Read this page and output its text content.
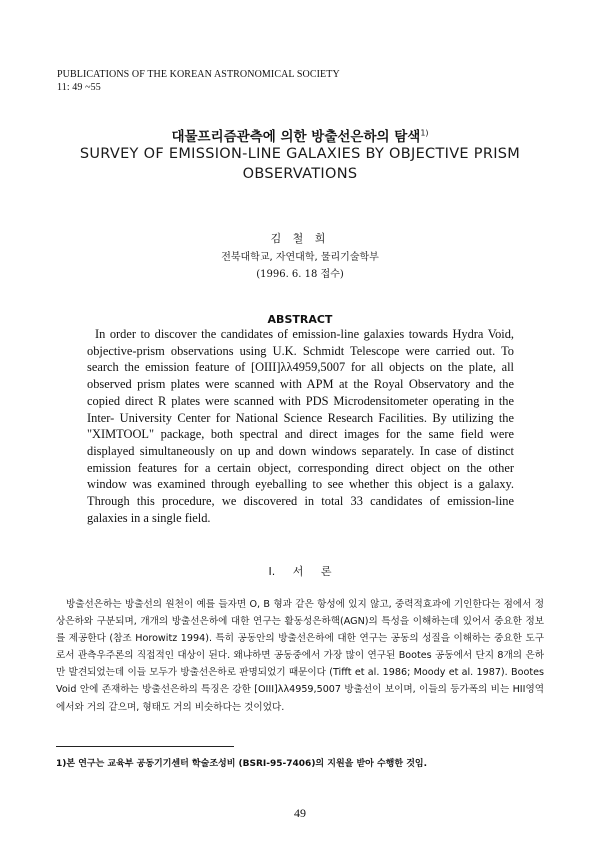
PUBLICATIONS OF THE KOREAN ASTRONOMICAL SOCIETY
11: 49 ~55
대물프리즘관측에 의한 방출선은하의 탐색$^{1)}$
SURVEY OF EMISSION-LINE GALAXIES BY OBJECTIVE PRISM OBSERVATIONS
김 철 희
전북대학교, 자연대학, 물리기술학부
(1996. 6. 18 접수)
ABSTRACT

In order to discover the candidates of emission-line galaxies towards Hydra Void, objective-prism observations using U.K. Schmidt Telescope were carried out. To search the emission feature of [OIII]λλ4959,5007 for all objects on the plate, all observed prism plates were scanned with APM at the Royal Observatory and the copied direct R plates were scanned with PDS Microdensitometer operating in the Inter- University Center for National Science Research Facilities. By utilizing the "XIMTOOL" package, both spectral and direct images for the same field were displayed simultaneously on up and down windows separately. In case of distinct emission features for a certain object, corresponding direct object on the other window was examined through eyeballing to see whether this object is a galaxy. Through this procedure, we discovered in total 33 candidates of emission-line galaxies in a single field.

I. 서 론

방출선은하는 방출선의 원천이 예를 들자면 O, B 형과 같은 항성에 있지 않고, 중력적효과에 기인한다는 점에서 정상은하와 구분되며, 개개의 방출선은하에 대한 연구는 활동성은하핵(AGN)의 특성을 이해하는데 있어서 중요한 정보를 제공한다 (참조 Horowitz 1994). 특히 공동안의 방출선은하에 대한 연구는 공동의 성질을 이해하는 중요한 도구로서 관측우주론의 직접적인 대상이 된다. 왜냐하면 공동중에서 가장 많이 연구된 Bootes 공동에서 단지 8개의 은하만 발견되었는데 이들 모두가 방출선은하로 판명되었기 때문이다 (Tifft et al. 1986; Moody et al. 1987). Bootes Void 안에 존재하는 방출선은하의 특징은 강한 [OIII]λλ4959,5007 방출선이 보이며, 이들의 등가폭의 비는 HII영역에서와 거의 같으며, 형태도 거의 비슷하다는 것이었다.

1)본 연구는 교육부 공동기기센터 학술조성비 (BSRI-95-7406)의 지원을 받아 수행한 것임.
49
